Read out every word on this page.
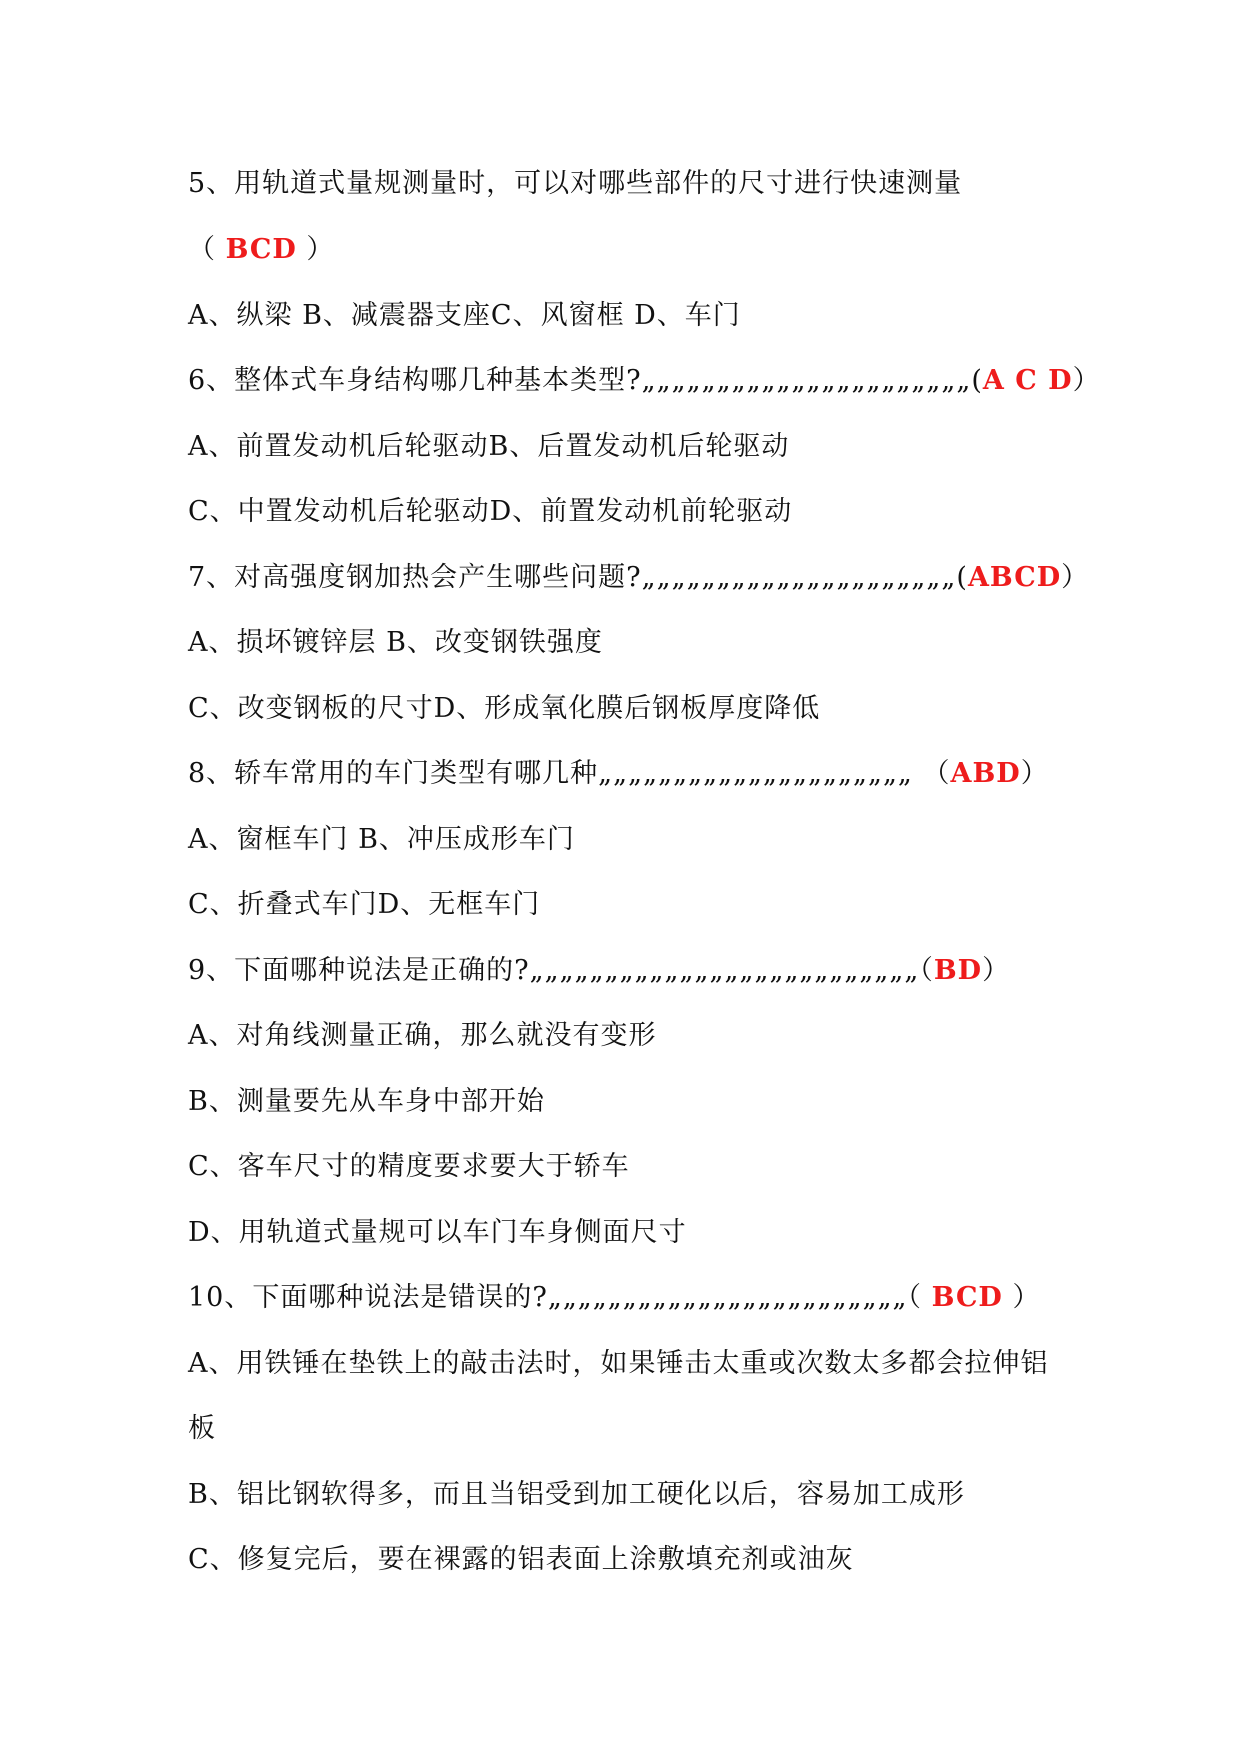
5、用轨道式量规测量时，可以对哪些部件的尺寸进行快速测量
（ BCD ）
A、纵梁 B、减震器支座C、风窗框 D、车门
6、整体式车身结构哪几种基本类型?„„„„„„„„„„„„„„„„„„„„„„(A C D）
A、前置发动机后轮驱动B、后置发动机后轮驱动
C、中置发动机后轮驱动D、前置发动机前轮驱动
7、对高强度钢加热会产生哪些问题?„„„„„„„„„„„„„„„„„„„„„(ABCD）
A、损坏镀锌层 B、改变钢铁强度
C、改变钢板的尺寸D、形成氧化膜后钢板厚度降低
8、轿车常用的车门类型有哪几种„„„„„„„„„„„„„„„„„„„„„ （ABD）
A、窗框车门 B、冲压成形车门
C、折叠式车门D、无框车门
9、下面哪种说法是正确的?„„„„„„„„„„„„„„„„„„„„„„„„„„（BD）
A、对角线测量正确，那么就没有变形
B、测量要先从车身中部开始
C、客车尺寸的精度要求要大于轿车
D、用轨道式量规可以车门车身侧面尺寸
10、下面哪种说法是错误的?„„„„„„„„„„„„„„„„„„„„„„„„（ BCD ）
A、用铁锤在垫铁上的敲击法时，如果锤击太重或次数太多都会拉伸铝
板
B、铝比钢软得多，而且当铝受到加工硬化以后，容易加工成形
C、修复完后，要在裸露的铝表面上涂敷填充剂或油灰
